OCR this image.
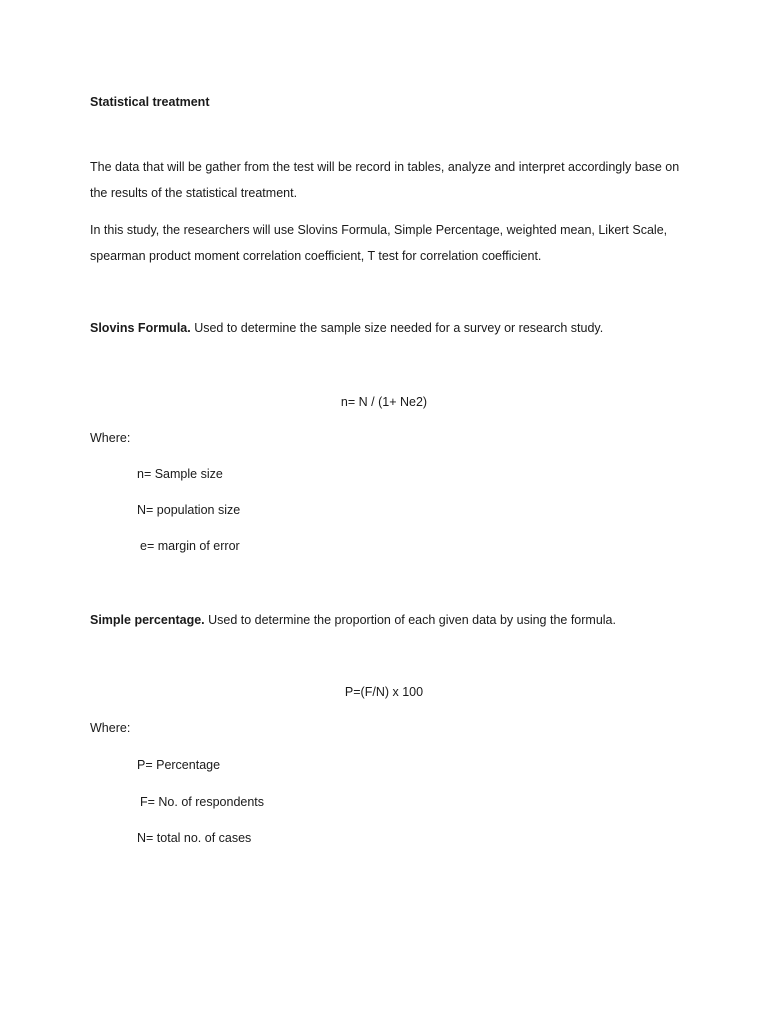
Statistical treatment
The data that will be gather from the test will be record in tables, analyze and interpret accordingly base on the results of the statistical treatment.
In this study, the researchers will use Slovins Formula, Simple Percentage, weighted mean, Likert Scale, spearman product moment correlation coefficient, T test for correlation coefficient.
Slovins Formula. Used to determine the sample size needed for a survey or research study.
n= N / (1+ Ne2)
Where:
n= Sample size
N= population size
e= margin of error
Simple percentage. Used to determine the proportion of each given data by using the formula.
P=(F/N) x 100
Where:
P= Percentage
F= No. of respondents
N= total no. of cases
